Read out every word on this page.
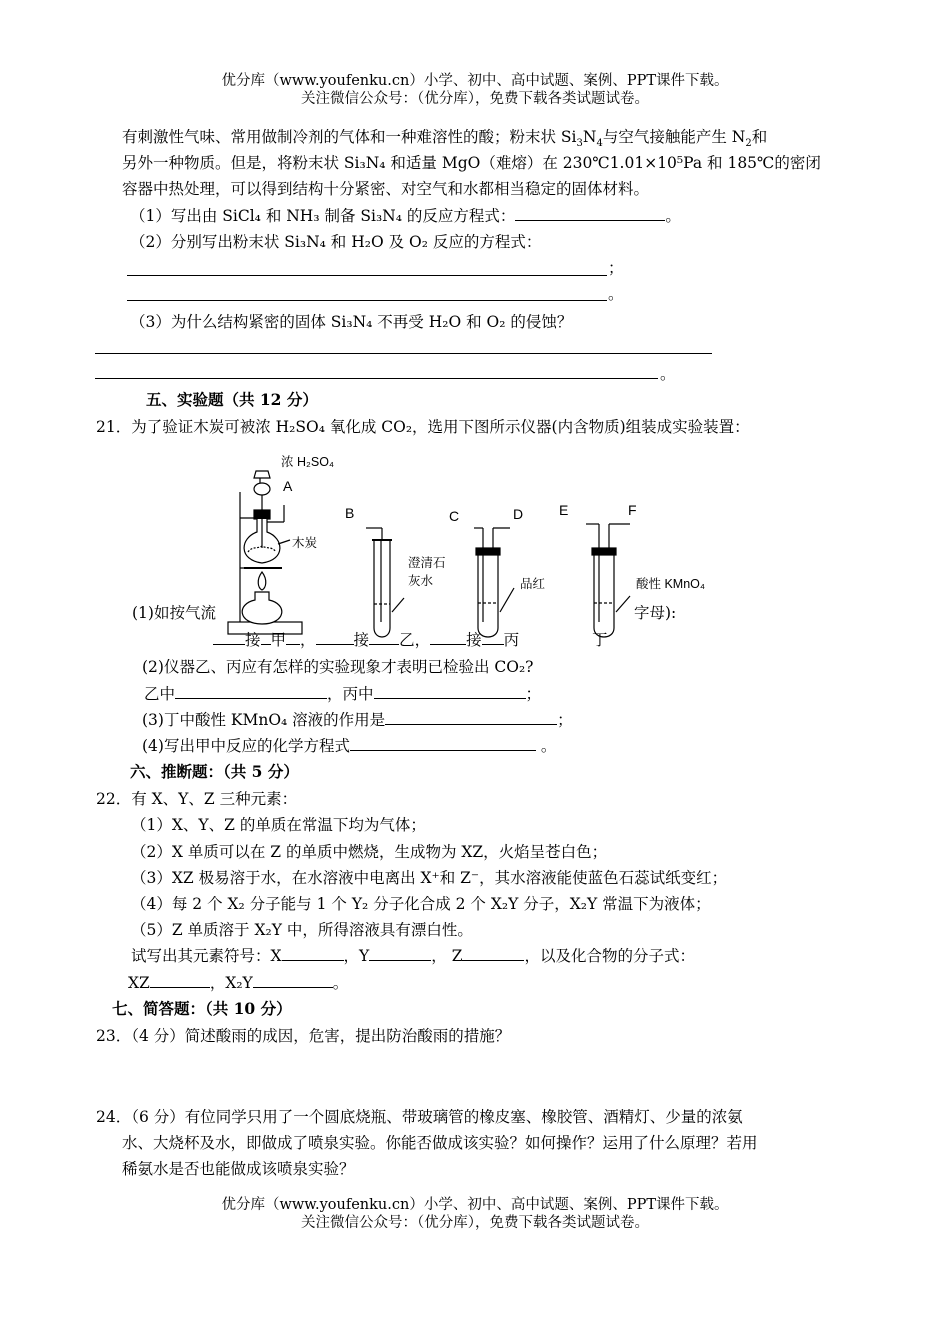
优分库（www.youfenku.cn）小学、初中、高中试题、案例、PPT课件下载。
关注微信公众号：（优分库），免费下载各类试题试卷。
有刺激性气味、常用做制冷剂的气体和一种难溶性的酸；粉末状 $Si_3N_4$与空气接触能产生 $N_2$和
另外一种物质。但是，将粉末状 Si₃N₄ 和适量 MgO（难熔）在 230℃1.01×10⁵Pa 和 185℃的密闭
容器中热处理，可以得到结构十分紧密、对空气和水都相当稳定的固体材料。
（1）写出由 SiCl₄ 和 NH₃ 制备 Si₃N₄ 的反应方程式：	。
（2）分别写出粉末状 Si₃N₄ 和 H₂O 及 O₂ 反应的方程式：
；
。
（3）为什么结构紧密的固体 Si₃N₄ 不再受 H₂O 和 O₂ 的侵蚀？
。
五、实验题（共 12 分）
21．为了验证木炭可被浓 H₂SO₄ 氧化成 CO₂，选用下图所示仪器(内含物质)组装成实验装置：
浓 H₂SO₄
A
B	C	D	E	F
木炭
澄清石
灰水	品红	酸性 KMnO₄
(1)如按气流	字母):
接 甲 ， 接 乙， 接 丙	丁
(2)仪器乙、丙应有怎样的实验现象才表明已检验出 CO₂?
乙中	，丙中	；
(3)丁中酸性 KMnO₄ 溶液的作用是	；
(4)写出甲中反应的化学方程式	。
六、推断题：（共 5 分）
22．有 X、Y、Z 三种元素：
（1）X、Y、Z 的单质在常温下均为气体；
（2）X 单质可以在 Z 的单质中燃烧，生成物为 XZ，火焰呈苍白色；
（3）XZ 极易溶于水，在水溶液中电离出 X⁺和 Z⁻，其水溶液能使蓝色石蕊试纸变红；
（4）每 2 个 X₂ 分子能与 1 个 Y₂ 分子化合成 2 个 X₂Y 分子，X₂Y 常温下为液体；
（5）Z 单质溶于 X₂Y 中，所得溶液具有漂白性。
试写出其元素符号：X	，Y	， Z	，以及化合物的分子式：
XZ	，X₂Y	。
七、简答题：（共 10 分）
23．（4 分）简述酸雨的成因，危害，提出防治酸雨的措施？
24．（6 分）有位同学只用了一个圆底烧瓶、带玻璃管的橡皮塞、橡胶管、酒精灯、少量的浓氨
水、大烧杯及水，即做成了喷泉实验。你能否做成该实验？如何操作？运用了什么原理？若用
稀氨水是否也能做成该喷泉实验？
优分库（www.youfenku.cn）小学、初中、高中试题、案例、PPT课件下载。
关注微信公众号：（优分库），免费下载各类试题试卷。
